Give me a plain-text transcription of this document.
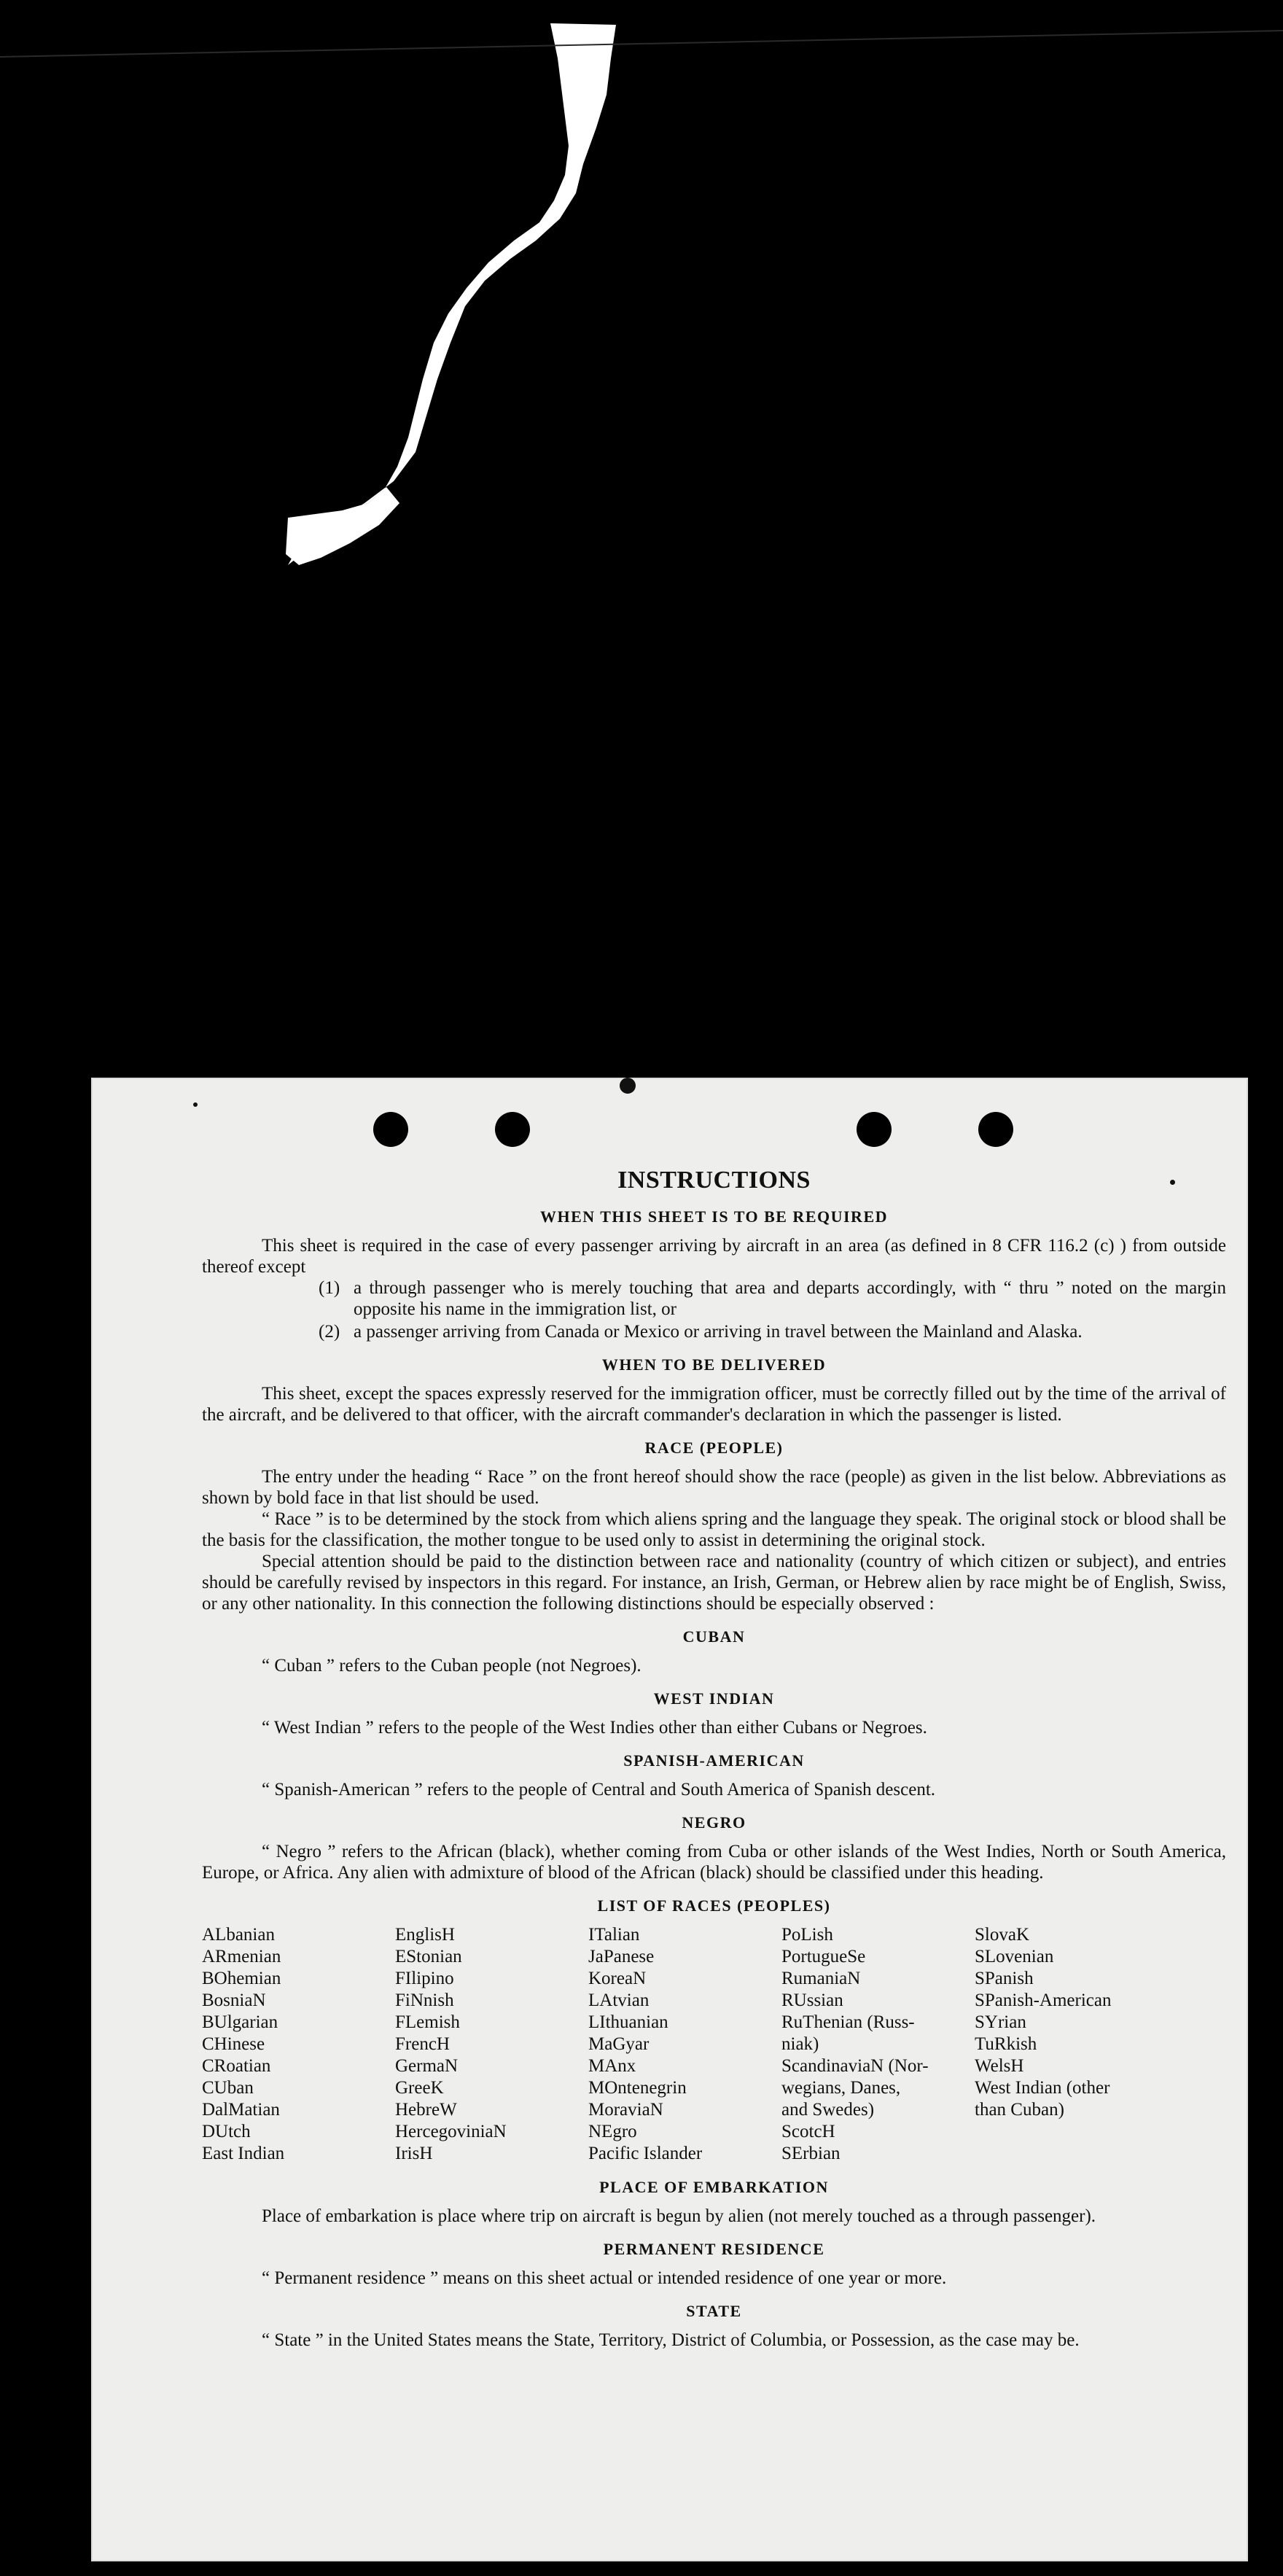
INSTRUCTIONS
WHEN THIS SHEET IS TO BE REQUIRED

This sheet is required in the case of every passenger arriving by aircraft in an area (as defined in 8 CFR 116.2 (c) ) from outside thereof except

(1) a through passenger who is merely touching that area and departs accordingly, with “ thru ” noted on the margin opposite his name in the immigration list, or
(2) a passenger arriving from Canada or Mexico or arriving in travel between the Mainland and Alaska.
WHEN TO BE DELIVERED

This sheet, except the spaces expressly reserved for the immigration officer, must be correctly filled out by the time of the arrival of the aircraft, and be delivered to that officer, with the aircraft commander's declaration in which the passenger is listed.

RACE (PEOPLE)

The entry under the heading “ Race ” on the front hereof should show the race (people) as given in the list below. Abbreviations as shown by bold face in that list should be used.

“ Race ” is to be determined by the stock from which aliens spring and the language they speak. The original stock or blood shall be the basis for the classification, the mother tongue to be used only to assist in determining the original stock.

Special attention should be paid to the distinction between race and nationality (country of which citizen or subject), and entries should be carefully revised by inspectors in this regard. For instance, an Irish, German, or Hebrew alien by race might be of English, Swiss, or any other nationality. In this connection the following distinctions should be especially observed :

CUBAN

“ Cuban ” refers to the Cuban people (not Negroes).

WEST INDIAN

“ West Indian ” refers to the people of the West Indies other than either Cubans or Negroes.

SPANISH-AMERICAN

“ Spanish-American ” refers to the people of Central and South America of Spanish descent.

NEGRO

“ Negro ” refers to the African (black), whether coming from Cuba or other islands of the West Indies, North or South America, Europe, or Africa. Any alien with admixture of blood of the African (black) should be classified under this heading.

LIST OF RACES (PEOPLES)
ALbanian	EnglisH	ITalian	PoLish	SlovaK
ARmenian	EStonian	JaPanese	PortugueSe	SLovenian
BOhemian	FIlipino	KoreaN	RumaniaN	SPanish
BosniaN	FiNnish	LAtvian	RUssian	SPanish-American
BUlgarian	FLemish	LIthuanian	RuThenian (Russ-	SYrian
CHinese	FrencH	MaGyar	niak)	TuRkish
CRoatian	GermaN	MAnx	ScandinaviaN (Nor-	WelsH
CUban	GreeK	MOntenegrin	wegians, Danes,	West Indian (other
DalMatian	HebreW	MoraviaN	and Swedes)	than Cuban)
DUtch	HercegoviniaN	NEgro	ScotcH
East Indian	IrisH	Pacific Islander	SErbian
PLACE OF EMBARKATION

Place of embarkation is place where trip on aircraft is begun by alien (not merely touched as a through passenger).

PERMANENT RESIDENCE

“ Permanent residence ” means on this sheet actual or intended residence of one year or more.

STATE

“ State ” in the United States means the State, Territory, District of Columbia, or Possession, as the case may be.
